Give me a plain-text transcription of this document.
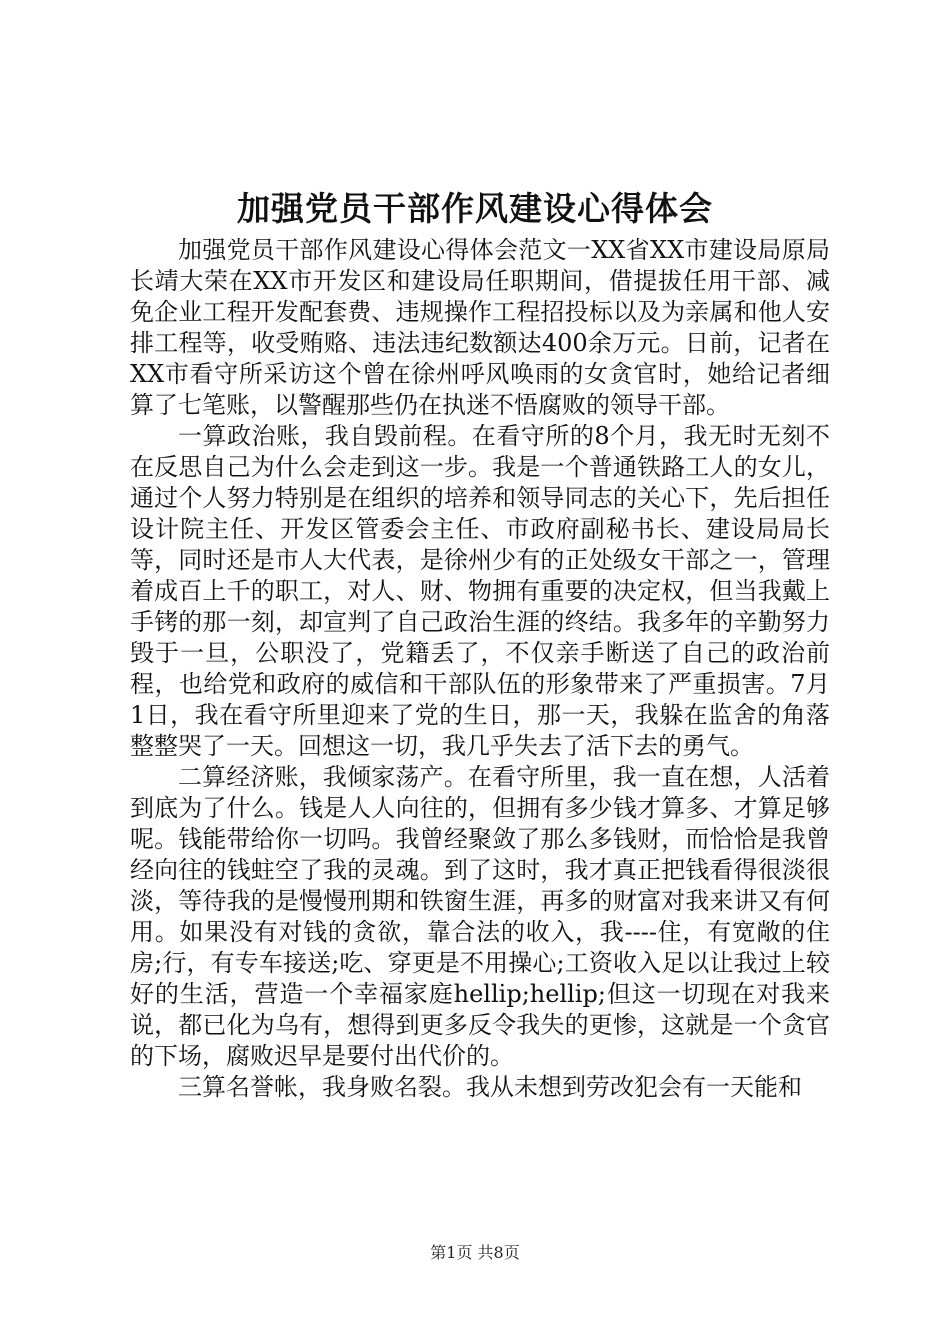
加强党员干部作风建设心得体会

加强党员干部作风建设心得体会范文一XX省XX市建设局原局长靖大荣在XX市开发区和建设局任职期间，借提拔任用干部、减免企业工程开发配套费、违规操作工程招投标以及为亲属和他人安排工程等，收受贿赂、违法违纪数额达400余万元。日前，记者在XX市看守所采访这个曾在徐州呼风唤雨的女贪官时，她给记者细算了七笔账，以警醒那些仍在执迷不悟腐败的领导干部。

一算政治账，我自毁前程。在看守所的8个月，我无时无刻不在反思自己为什么会走到这一步。我是一个普通铁路工人的女儿，通过个人努力特别是在组织的培养和领导同志的关心下，先后担任设计院主任、开发区管委会主任、市政府副秘书长、建设局局长等，同时还是市人大代表，是徐州少有的正处级女干部之一，管理着成百上千的职工，对人、财、物拥有重要的决定权，但当我戴上手铐的那一刻，却宣判了自己政治生涯的终结。我多年的辛勤努力毁于一旦，公职没了，党籍丢了，不仅亲手断送了自己的政治前程，也给党和政府的威信和干部队伍的形象带来了严重损害。7月1日，我在看守所里迎来了党的生日，那一天，我躲在监舍的角落整整哭了一天。回想这一切，我几乎失去了活下去的勇气。

二算经济账，我倾家荡产。在看守所里，我一直在想，人活着到底为了什么。钱是人人向往的，但拥有多少钱才算多、才算足够呢。钱能带给你一切吗。我曾经聚敛了那么多钱财，而恰恰是我曾经向往的钱蛀空了我的灵魂。到了这时，我才真正把钱看得很淡很淡，等待我的是慢慢刑期和铁窗生涯，再多的财富对我来讲又有何用。如果没有对钱的贪欲，靠合法的收入，我----住，有宽敞的住房;行，有专车接送;吃、穿更是不用操心;工资收入足以让我过上较好的生活，营造一个幸福家庭hellip;hellip;但这一切现在对我来说，都已化为乌有，想得到更多反令我失的更惨，这就是一个贪官的下场，腐败迟早是要付出代价的。

三算名誉帐，我身败名裂。我从未想到劳改犯会有一天能和

第1页 共8页
